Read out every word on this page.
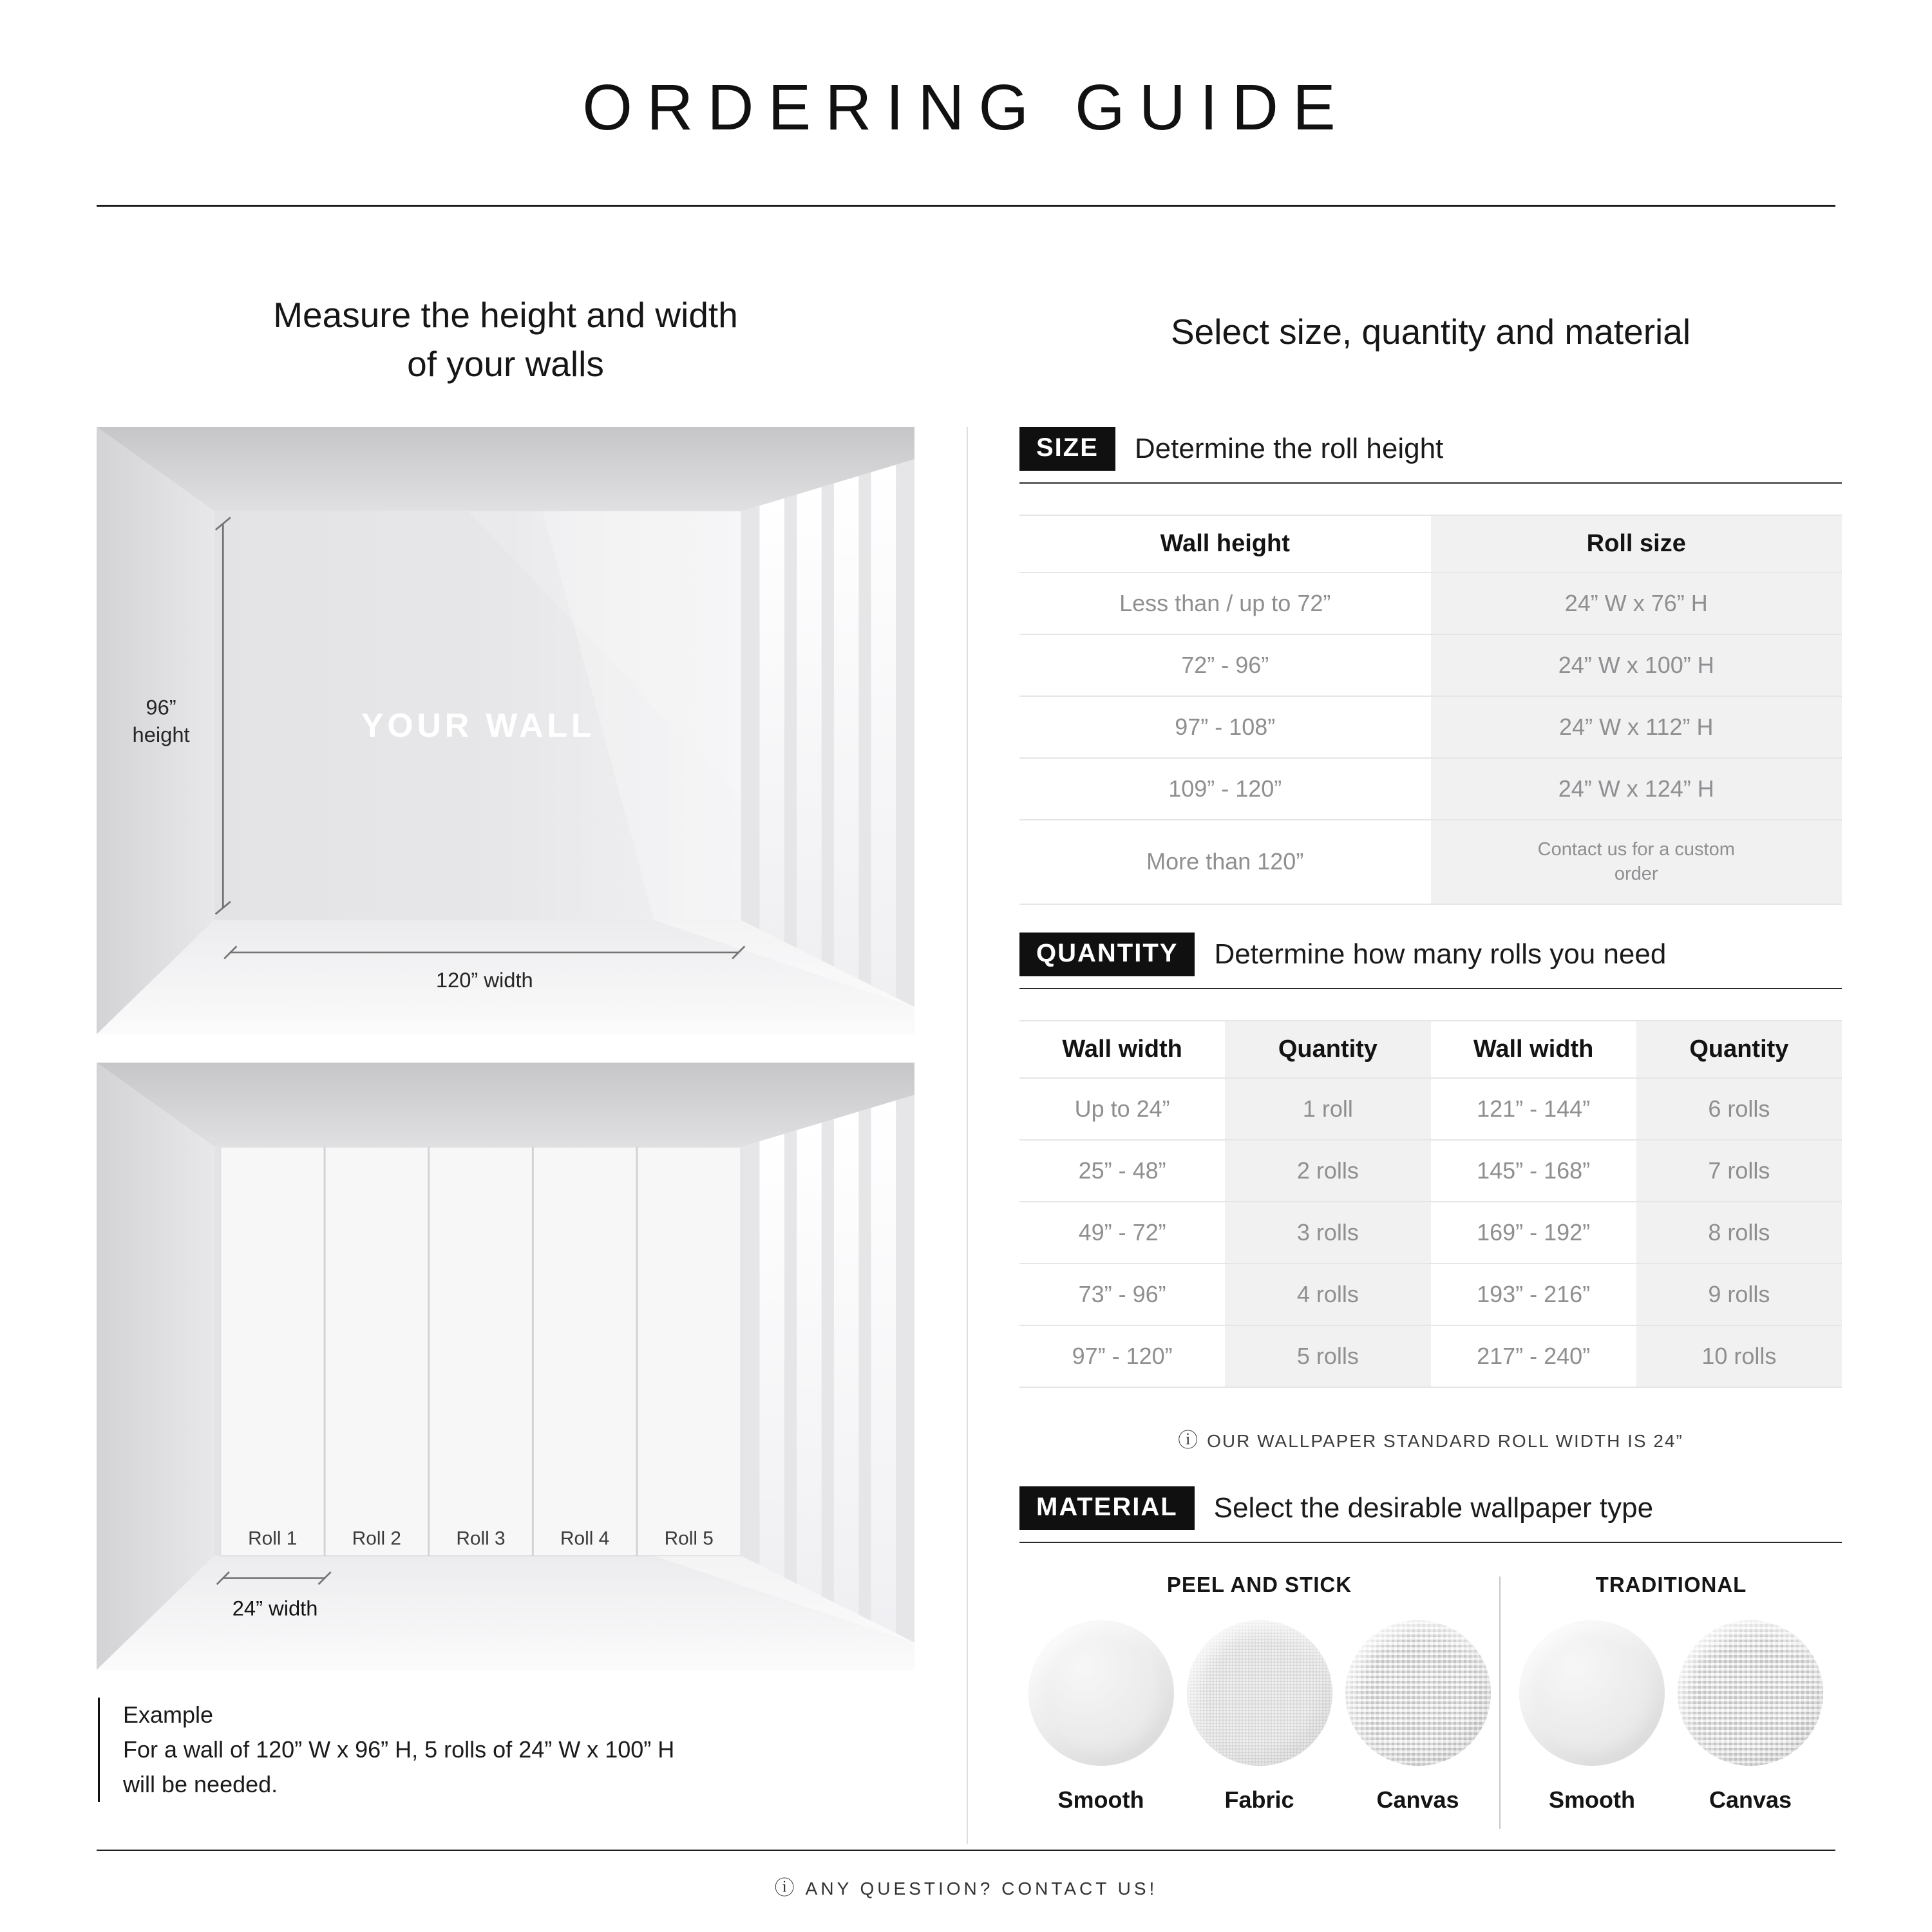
ORDERING GUIDE
Measure the height and width
of your walls
Select size, quantity and material
YOUR WALL
96”
height
120” width
Roll 1	Roll 2	Roll 3	Roll 4	Roll 5
24” width
Example
For a wall of 120” W x 96” H, 5 rolls of 24” W x 100” H
will be needed.
SIZE	Determine the roll height
Wall height	Roll size
Less than / up to 72”	24” W x 76” H
72” - 96”	24” W x 100” H
97” - 108”	24” W x 112” H
109” - 120”	24” W x 124” H
More than 120”	Contact us for a custom order
QUANTITY	Determine how many rolls you need
Wall width	Quantity	Wall width	Quantity
Up to 24”	1 roll	121” - 144”	6 rolls
25” - 48”	2 rolls	145” - 168”	7 rolls
49” - 72”	3 rolls	169” - 192”	8 rolls
73” - 96”	4 rolls	193” - 216”	9 rolls
97” - 120”	5 rolls	217” - 240”	10 rolls
ⓘ OUR WALLPAPER STANDARD ROLL WIDTH IS 24”
MATERIAL	Select the desirable wallpaper type
PEEL AND STICK
Smooth	Fabric	Canvas
TRADITIONAL
Smooth	Canvas
ⓘ ANY QUESTION? CONTACT US!
